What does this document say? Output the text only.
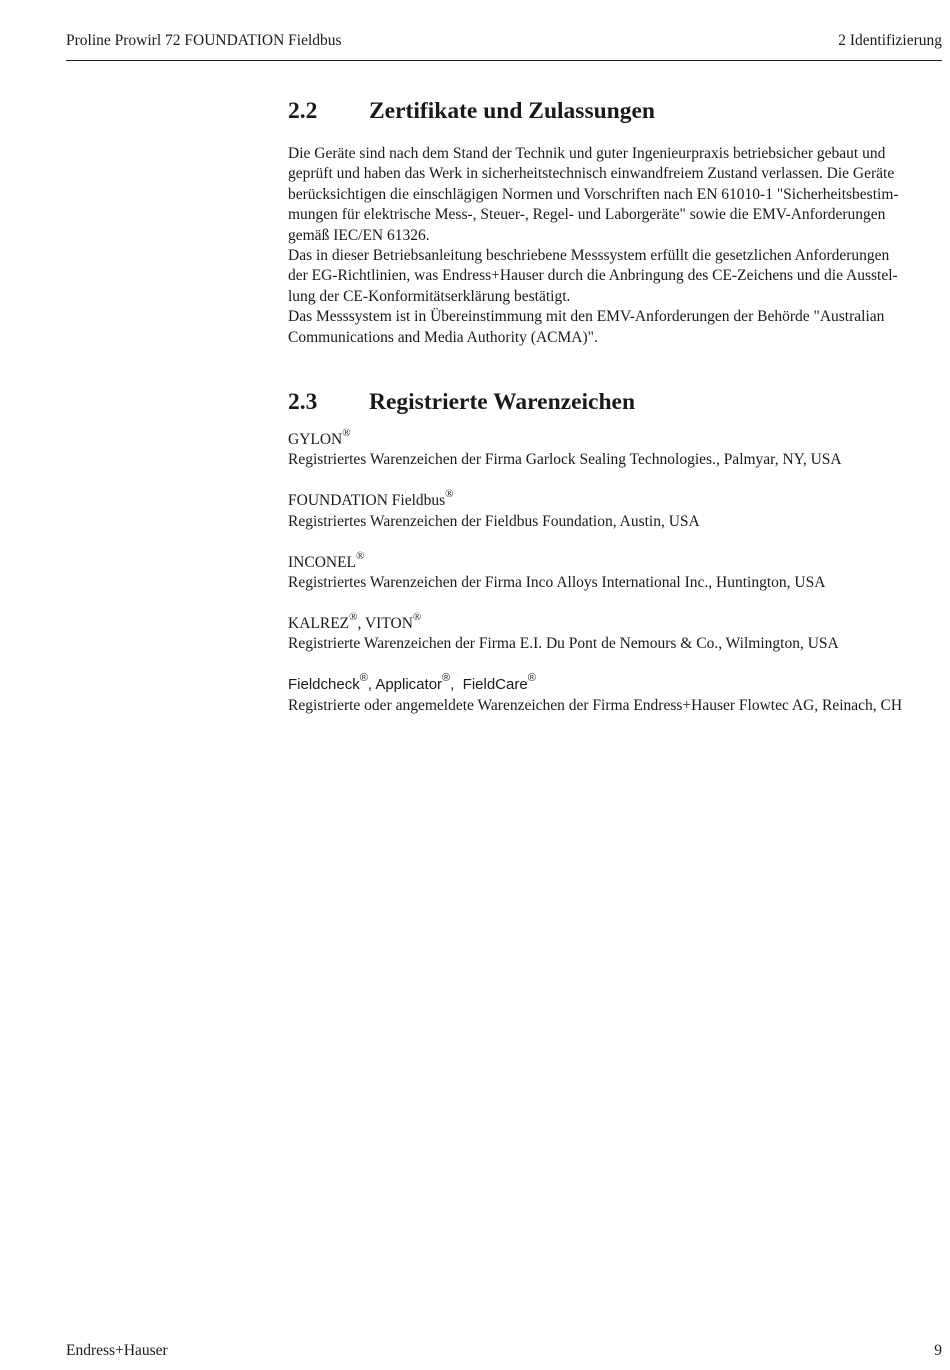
Proline Prowirl 72 FOUNDATION Fieldbus	2 Identifizierung
2.2 Zertifikate und Zulassungen

Die Geräte sind nach dem Stand der Technik und guter Ingenieurpraxis betriebsicher gebaut und

geprüft und haben das Werk in sicherheitstechnisch einwandfreiem Zustand verlassen. Die Geräte

berücksichtigen die einschlägigen Normen und Vorschriften nach EN 61010-1 "Sicherheitsbestim-

mungen für elektrische Mess-, Steuer-, Regel- und Laborgeräte" sowie die EMV-Anforderungen

gemäß IEC/EN 61326.

Das in dieser Betriebsanleitung beschriebene Messsystem erfüllt die gesetzlichen Anforderungen

der EG-Richtlinien, was Endress+Hauser durch die Anbringung des CE-Zeichens und die Ausstel-

lung der CE-Konformitätserklärung bestätigt.

Das Messsystem ist in Übereinstimmung mit den EMV-Anforderungen der Behörde "Australian

Communications and Media Authority (ACMA)".

2.3 Registrierte Warenzeichen
GYLON®
Registriertes Warenzeichen der Firma Garlock Sealing Technologies., Palmyar, NY, USA
FOUNDATION Fieldbus®
Registriertes Warenzeichen der Fieldbus Foundation, Austin, USA
INCONEL®
Registriertes Warenzeichen der Firma Inco Alloys International Inc., Huntington, USA
KALREZ®, VITON®
Registrierte Warenzeichen der Firma E.I. Du Pont de Nemours & Co., Wilmington, USA
Fieldcheck®, Applicator®,  FieldCare®
Registrierte oder angemeldete Warenzeichen der Firma Endress+Hauser Flowtec AG, Reinach, CH
Endress+Hauser	9
